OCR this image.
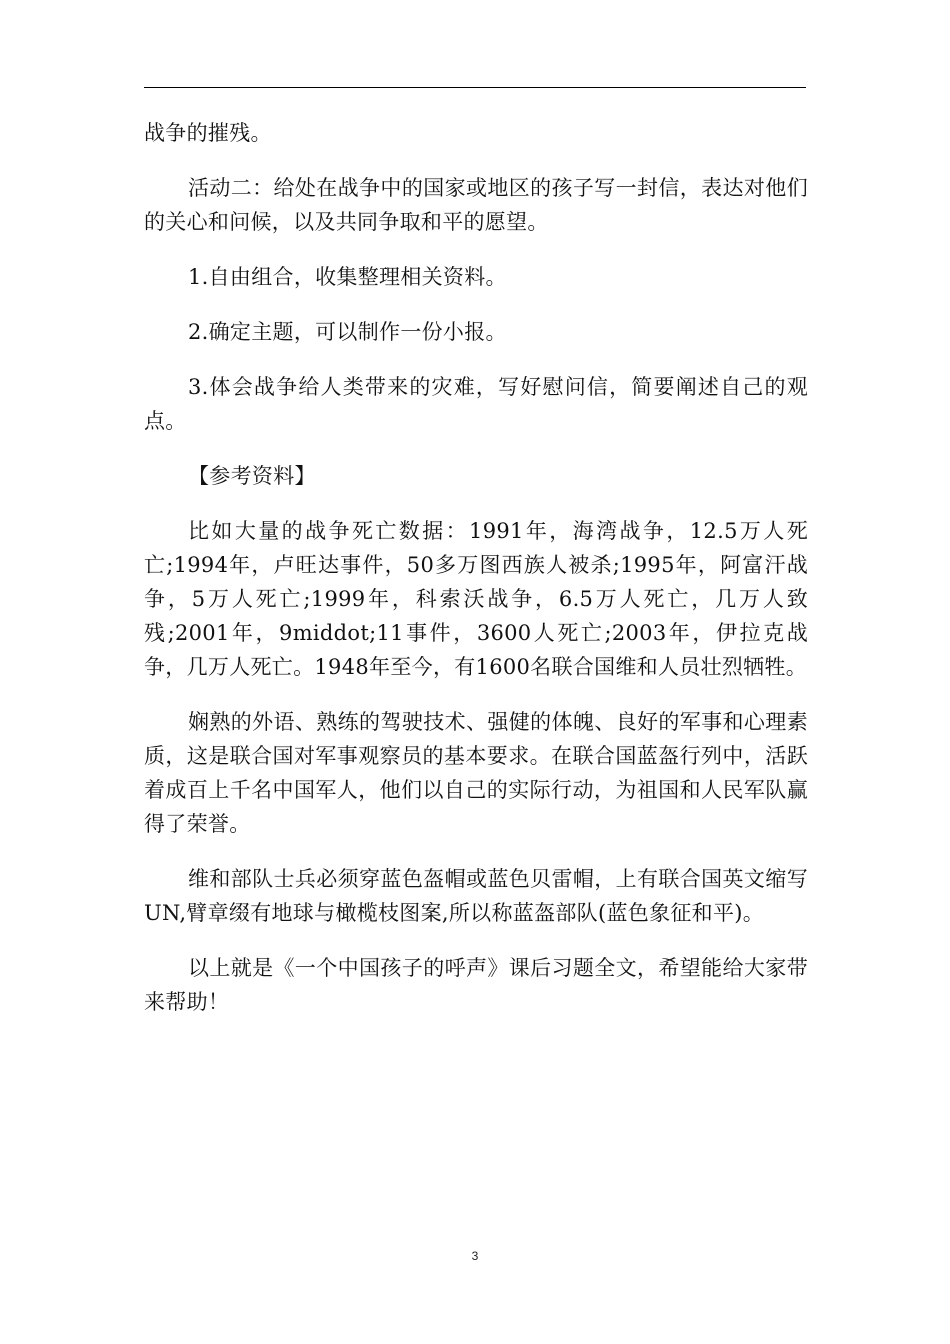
战争的摧残。

活动二：给处在战争中的国家或地区的孩子写一封信，表达对他们的关心和问候，以及共同争取和平的愿望。

1.自由组合，收集整理相关资料。

2.确定主题，可以制作一份小报。

3.体会战争给人类带来的灾难，写好慰问信，简要阐述自己的观点。

【参考资料】

比如大量的战争死亡数据：1991年，海湾战争，12.5万人死亡;1994年，卢旺达事件，50多万图西族人被杀;1995年，阿富汗战争，5万人死亡;1999年，科索沃战争，6.5万人死亡，几万人致残;2001年，9middot;11事件，3600人死亡;2003年，伊拉克战争，几万人死亡。1948年至今，有1600名联合国维和人员壮烈牺牲。

娴熟的外语、熟练的驾驶技术、强健的体魄、良好的军事和心理素质，这是联合国对军事观察员的基本要求。在联合国蓝盔行列中，活跃着成百上千名中国军人，他们以自己的实际行动，为祖国和人民军队赢得了荣誉。

维和部队士兵必须穿蓝色盔帽或蓝色贝雷帽，上有联合国英文缩写UN,臂章缀有地球与橄榄枝图案,所以称蓝盔部队(蓝色象征和平)。

以上就是《一个中国孩子的呼声》课后习题全文，希望能给大家带来帮助！

3
